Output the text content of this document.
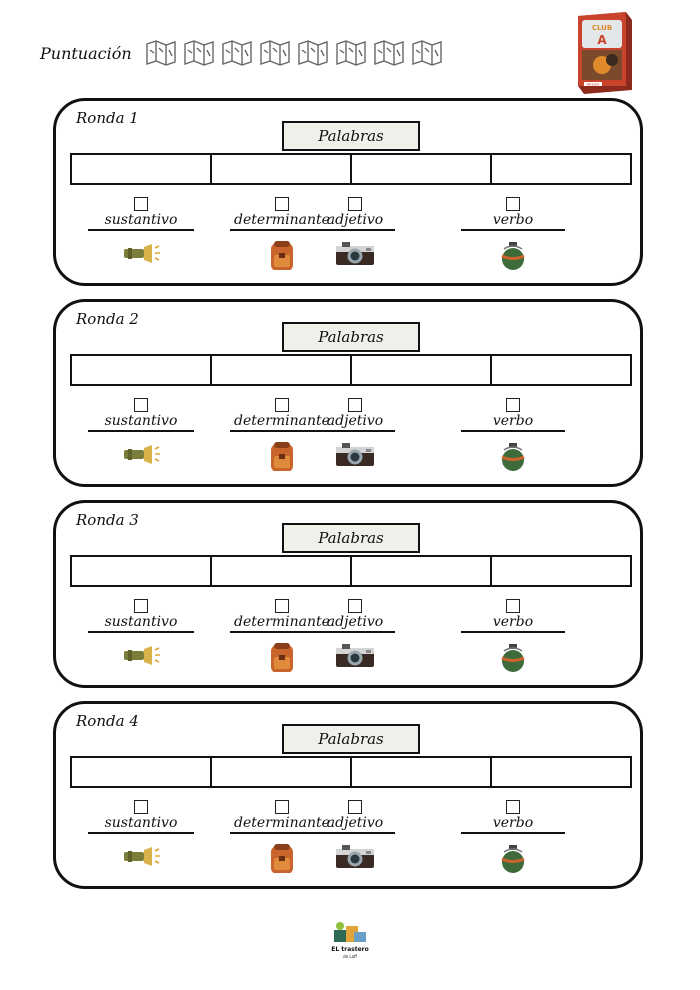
Puntuación
CLUB
A
Atremo
Ronda 1
Palabras
sustantivo	determinante
adjetivo	verbo
Ronda 2
Palabras
sustantivo	determinante
adjetivo	verbo
Ronda 3
Palabras
sustantivo	determinante
adjetivo	verbo
Ronda 4
Palabras
sustantivo	determinante
adjetivo	verbo
EL trastero
de Laff
